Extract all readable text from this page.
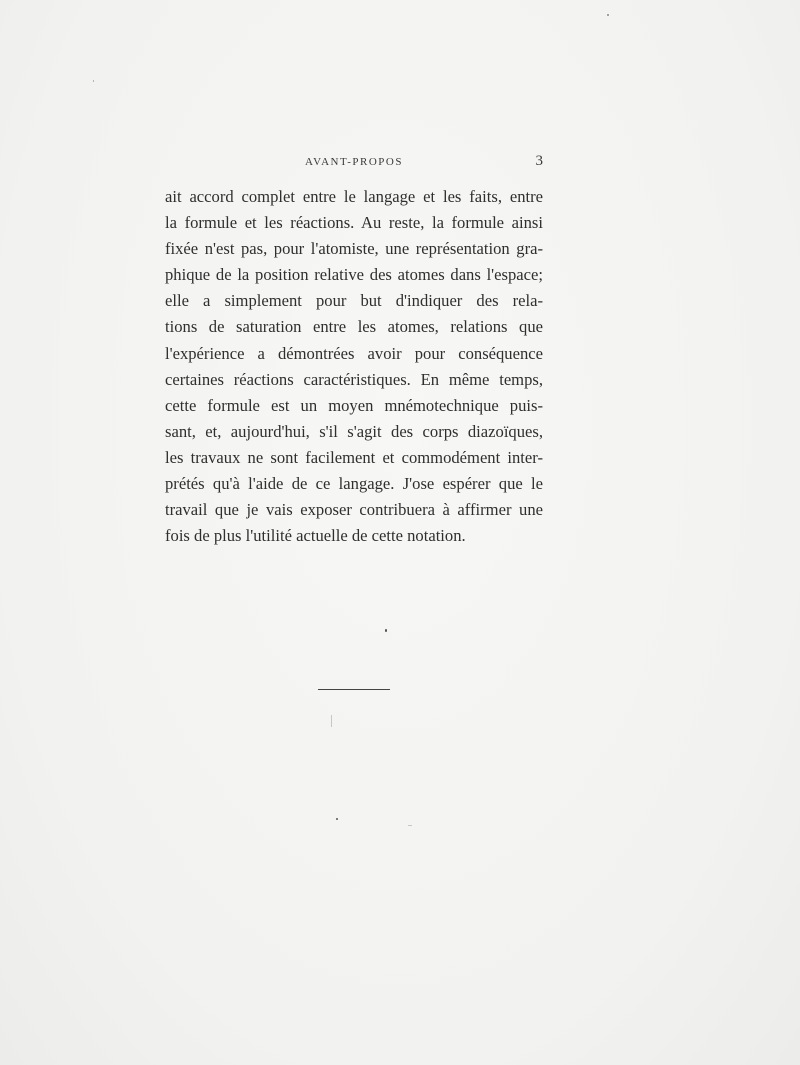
AVANT-PROPOS	3
ait accord complet entre le langage et les faits, entre
la formule et les réactions. Au reste, la formule ainsi
fixée n'est pas, pour l'atomiste, une représentation gra-
phique de la position relative des atomes dans l'espace;
elle a simplement pour but d'indiquer des rela-
tions de saturation entre les atomes, relations que
l'expérience a démontrées avoir pour conséquence
certaines réactions caractéristiques. En même temps,
cette formule est un moyen mnémotechnique puis-
sant, et, aujourd'hui, s'il s'agit des corps diazoïques,
les travaux ne sont facilement et commodément inter-
prétés qu'à l'aide de ce langage. J'ose espérer que le
travail que je vais exposer contribuera à affirmer une
fois de plus l'utilité actuelle de cette notation.
